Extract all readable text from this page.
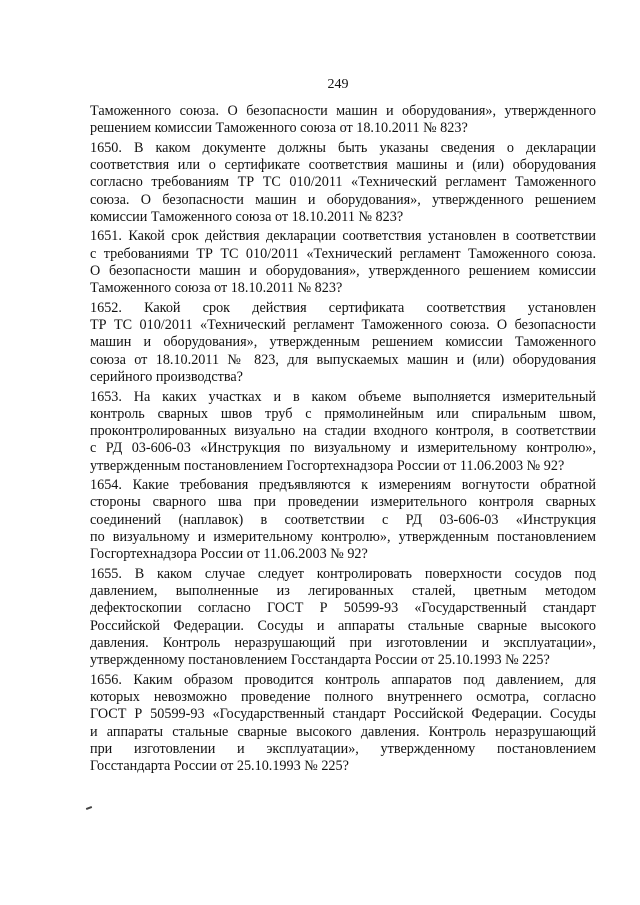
249
Таможенного союза. О безопасности машин и оборудования», утвержденного
решением комиссии Таможенного союза от 18.10.2011 № 823?
1650. В каком документе должны быть указаны сведения о декларации
соответствия или о сертификате соответствия машины и (или) оборудования
согласно требованиям ТР ТС 010/2011 «Технический регламент Таможенного
союза. О безопасности машин и оборудования», утвержденного решением
комиссии Таможенного союза от 18.10.2011 № 823?
1651. Какой срок действия декларации соответствия установлен в соответствии
с требованиями ТР ТС 010/2011 «Технический регламент Таможенного союза.
О безопасности машин и оборудования», утвержденного решением комиссии
Таможенного союза от 18.10.2011 № 823?
1652. Какой срок действия сертификата соответствия установлен
ТР ТС 010/2011 «Технический регламент Таможенного союза. О безопасности
машин и оборудования», утвержденным решением комиссии Таможенного
союза от 18.10.2011 № 823, для выпускаемых машин и (или) оборудования
серийного производства?
1653. На каких участках и в каком объеме выполняется измерительный
контроль сварных швов труб с прямолинейным или спиральным швом,
проконтролированных визуально на стадии входного контроля, в соответствии
с РД 03-606-03 «Инструкция по визуальному и измерительному контролю»,
утвержденным постановлением Госгортехнадзора России от 11.06.2003 № 92?
1654. Какие требования предъявляются к измерениям вогнутости обратной
стороны сварного шва при проведении измерительного контроля сварных
соединений (наплавок) в соответствии с РД 03-606-03 «Инструкция
по визуальному и измерительному контролю», утвержденным постановлением
Госгортехнадзора России от 11.06.2003 № 92?
1655. В каком случае следует контролировать поверхности сосудов под
давлением, выполненные из легированных сталей, цветным методом
дефектоскопии согласно ГОСТ Р 50599-93 «Государственный стандарт
Российской Федерации. Сосуды и аппараты стальные сварные высокого
давления. Контроль неразрушающий при изготовлении и эксплуатации»,
утвержденному постановлением Госстандарта России от 25.10.1993 № 225?
1656. Каким образом проводится контроль аппаратов под давлением, для
которых невозможно проведение полного внутреннего осмотра, согласно
ГОСТ Р 50599-93 «Государственный стандарт Российской Федерации. Сосуды
и аппараты стальные сварные высокого давления. Контроль неразрушающий
при изготовлении и эксплуатации», утвержденному постановлением
Госстандарта России от 25.10.1993 № 225?
